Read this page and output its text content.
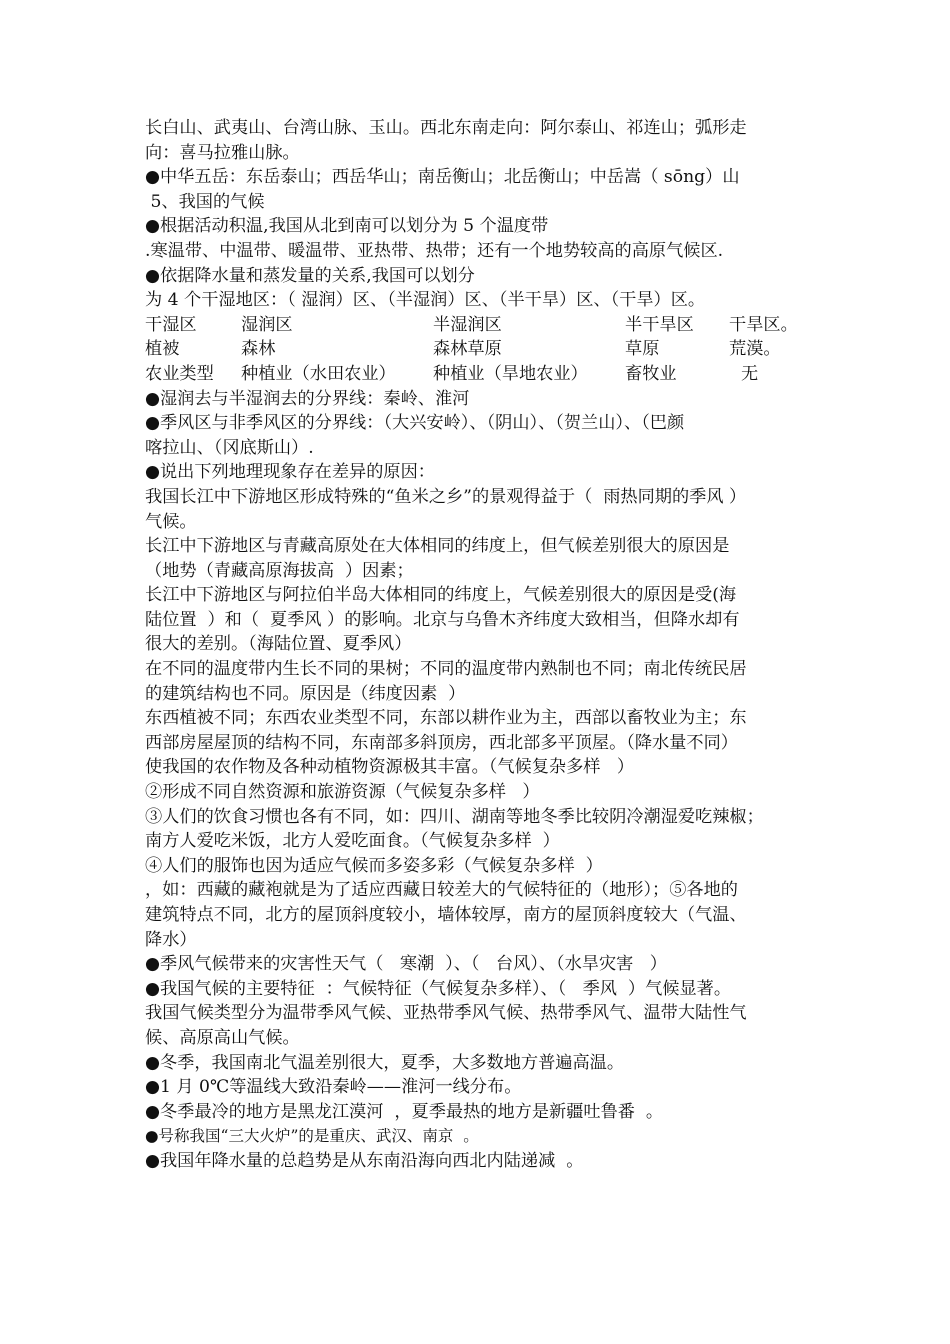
长白山、武夷山、台湾山脉、玉山。西北东南走向：阿尔泰山、祁连山；弧形走
向：喜马拉雅山脉。
●中华五岳：东岳泰山；西岳华山；南岳衡山；北岳衡山；中岳嵩（ sōng）山
5、我国的气候
●根据活动积温,我国从北到南可以划分为 5 个温度带
.寒温带、中温带、暖温带、亚热带、热带；还有一个地势较高的高原气候区.
●依据降水量和蒸发量的关系,我国可以划分
为 4 个干湿地区：（ 湿润）区、（半湿润）区、（半干旱）区、（干旱）区。
干湿区	湿润区	半湿润区	半干旱区 干旱区。
植被	森林	森林草原	草原	荒漠。
农业类型 种植业（水田农业） 种植业（旱地农业） 畜牧业	无
●湿润去与半湿润去的分界线：秦岭、淮河
●季风区与非季风区的分界线：（大兴安岭）、（阴山）、（贺兰山）、（巴颜
喀拉山、（冈底斯山）.
●说出下列地理现象存在差异的原因：
我国长江中下游地区形成特殊的“鱼米之乡”的景观得益于（  雨热同期的季风 ）
气候。
长江中下游地区与青藏高原处在大体相同的纬度上，但气候差别很大的原因是
（地势（青藏高原海拔高  ）因素；
长江中下游地区与阿拉伯半岛大体相同的纬度上，气候差别很大的原因是受(海
陆位置  ）和（  夏季风 ）的影响。北京与乌鲁木齐纬度大致相当，但降水却有
很大的差别。（海陆位置、夏季风）
在不同的温度带内生长不同的果树；不同的温度带内熟制也不同；南北传统民居
的建筑结构也不同。原因是（纬度因素  ）
东西植被不同；东西农业类型不同，东部以耕作业为主，西部以畜牧业为主；东
西部房屋屋顶的结构不同，东南部多斜顶房，西北部多平顶屋。（降水量不同）
使我国的农作物及各种动植物资源极其丰富。（气候复杂多样   ）
②形成不同自然资源和旅游资源（气候复杂多样   ）
③人们的饮食习惯也各有不同，如：四川、湖南等地冬季比较阴冷潮湿爱吃辣椒；
南方人爱吃米饭，北方人爱吃面食。（气候复杂多样  ）
④人们的服饰也因为适应气候而多姿多彩（气候复杂多样  ）
，如：西藏的藏袍就是为了适应西藏日较差大的气候特征的（地形）；⑤各地的
建筑特点不同，北方的屋顶斜度较小，墙体较厚，南方的屋顶斜度较大（气温、
降水）
●季风气候带来的灾害性天气（   寒潮  ）、（   台风）、（水旱灾害   ）
●我国气候的主要特征  ：气候特征（气候复杂多样）、（   季风  ）气候显著。
我国气候类型分为温带季风气候、亚热带季风气候、热带季风气、温带大陆性气
候、高原高山气候。
●冬季，我国南北气温差别很大，夏季，大多数地方普遍高温。
●1 月 0℃等温线大致沿秦岭——淮河一线分布。
●冬季最冷的地方是黑龙江漠河  ，夏季最热的地方是新疆吐鲁番  。
●号称我国“三大火炉”的是重庆、武汉、南京  。
●我国年降水量的总趋势是从东南沿海向西北内陆递减  。
